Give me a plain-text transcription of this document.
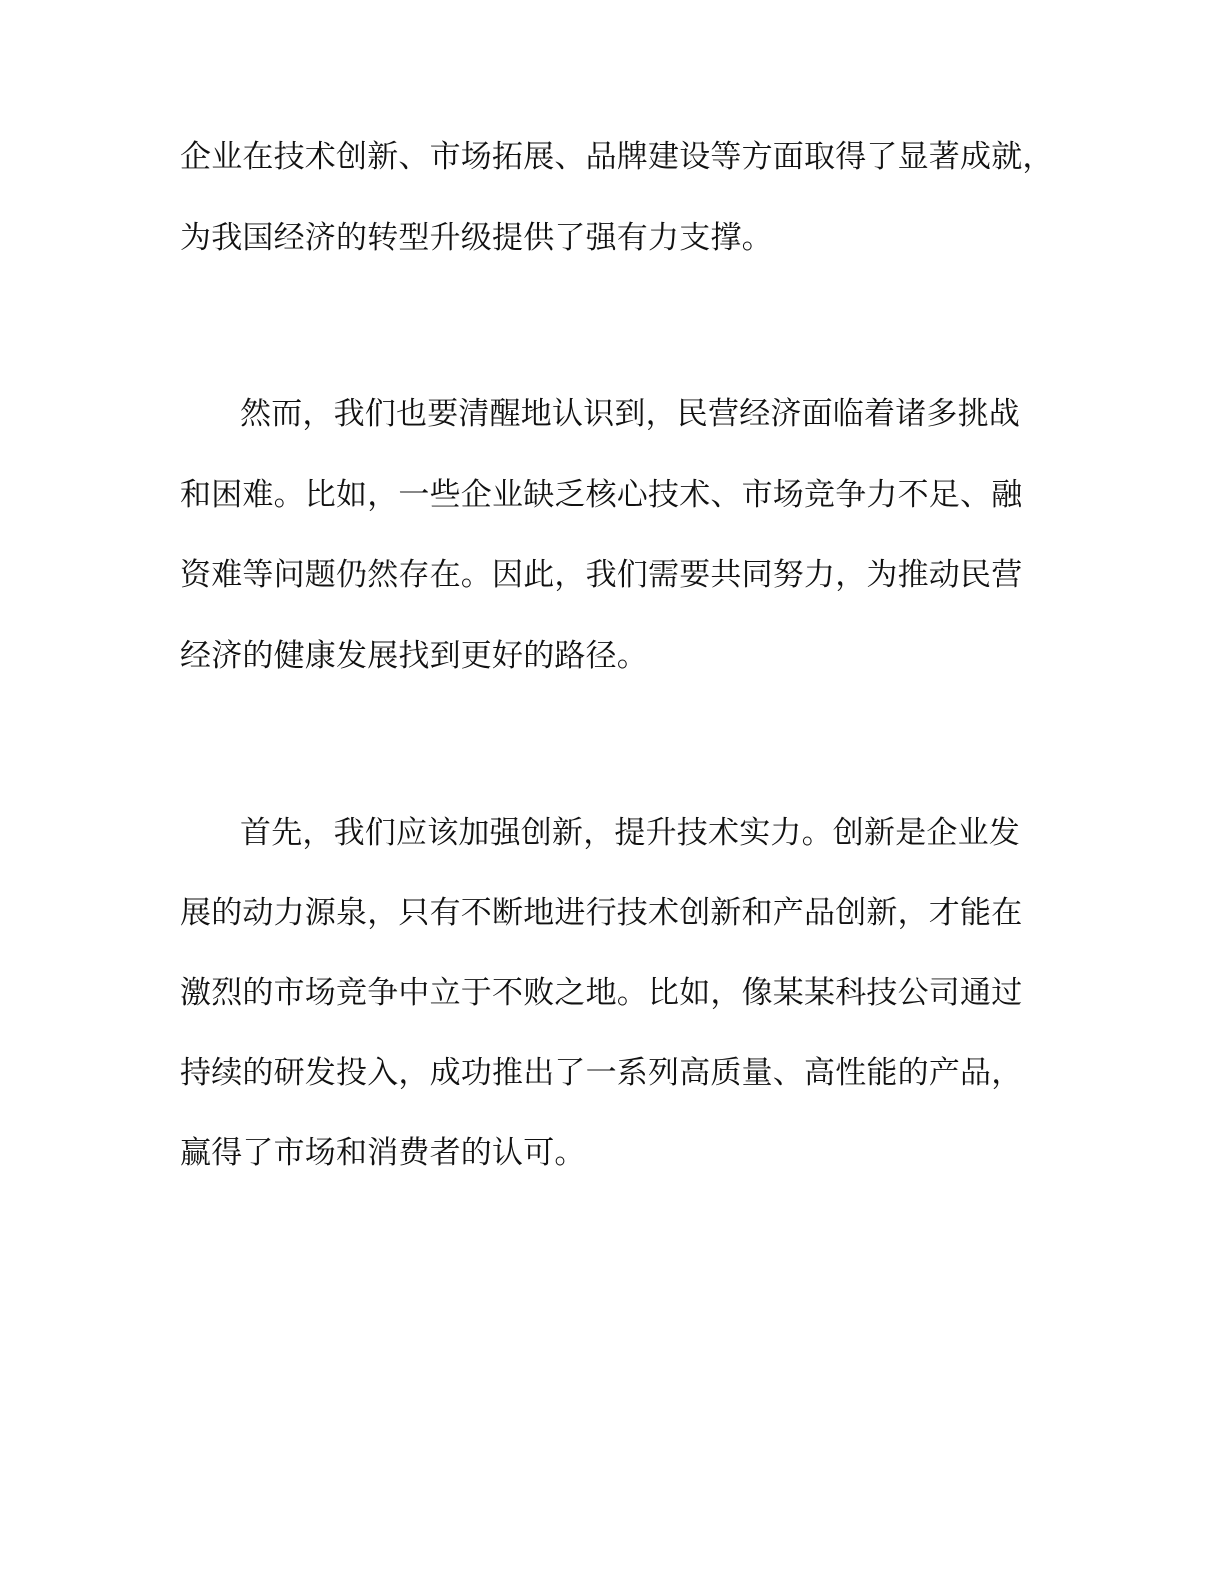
企业在技术创新、市场拓展、品牌建设等方面取得了显著成就，
为我国经济的转型升级提供了强有力支撑。
然而，我们也要清醒地认识到，民营经济面临着诸多挑战
和困难。比如，一些企业缺乏核心技术、市场竞争力不足、融
资难等问题仍然存在。因此，我们需要共同努力，为推动民营
经济的健康发展找到更好的路径。
首先，我们应该加强创新，提升技术实力。创新是企业发
展的动力源泉，只有不断地进行技术创新和产品创新，才能在
激烈的市场竞争中立于不败之地。比如，像某某科技公司通过
持续的研发投入，成功推出了一系列高质量、高性能的产品，
赢得了市场和消费者的认可。
